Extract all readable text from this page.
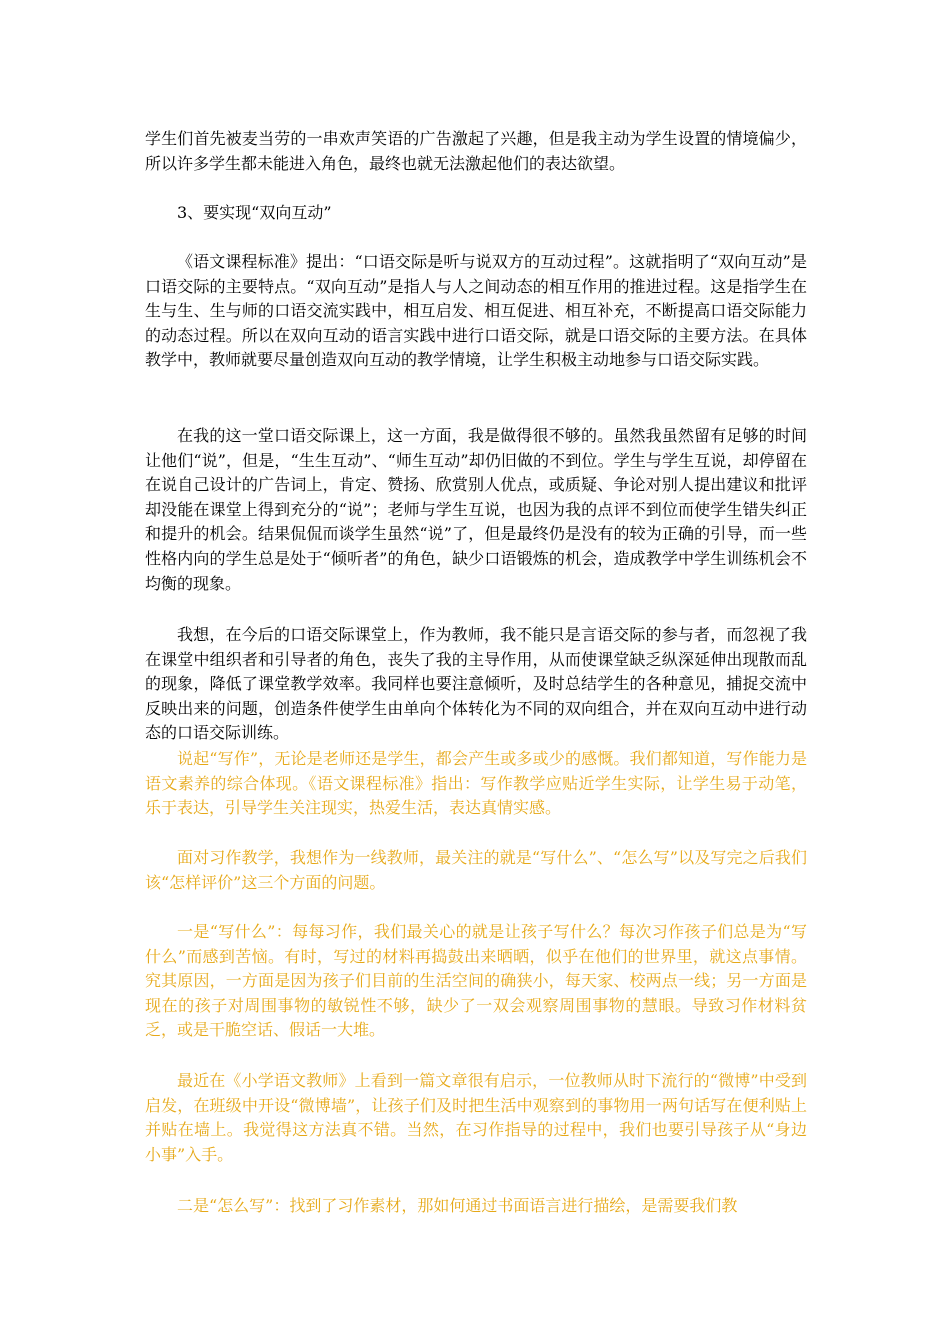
学生们首先被麦当劳的一串欢声笑语的广告激起了兴趣，但是我主动为学生设置的情境偏少，所以许多学生都未能进入角色，最终也就无法激起他们的表达欲望。

3、要实现“双向互动”

《语文课程标准》提出：“口语交际是听与说双方的互动过程”。这就指明了“双向互动”是口语交际的主要特点。“双向互动”是指人与人之间动态的相互作用的推进过程。这是指学生在生与生、生与师的口语交流实践中，相互启发、相互促进、相互补充，不断提高口语交际能力的动态过程。所以在双向互动的语言实践中进行口语交际，就是口语交际的主要方法。在具体教学中，教师就要尽量创造双向互动的教学情境，让学生积极主动地参与口语交际实践。

在我的这一堂口语交际课上，这一方面，我是做得很不够的。虽然我虽然留有足够的时间让他们“说”，但是，“生生互动”、“师生互动”却仍旧做的不到位。学生与学生互说，却停留在在说自己设计的广告词上，肯定、赞扬、欣赏别人优点，或质疑、争论对别人提出建议和批评却没能在课堂上得到充分的“说”；老师与学生互说，也因为我的点评不到位而使学生错失纠正和提升的机会。结果侃侃而谈学生虽然“说”了，但是最终仍是没有的较为正确的引导，而一些性格内向的学生总是处于“倾听者”的角色，缺少口语锻炼的机会，造成教学中学生训练机会不均衡的现象。

我想，在今后的口语交际课堂上，作为教师，我不能只是言语交际的参与者，而忽视了我在课堂中组织者和引导者的角色，丧失了我的主导作用，从而使课堂缺乏纵深延伸出现散而乱的现象，降低了课堂教学效率。我同样也要注意倾听，及时总结学生的各种意见，捕捉交流中反映出来的问题，创造条件使学生由单向个体转化为不同的双向组合，并在双向互动中进行动态的口语交际训练。

说起“写作”，无论是老师还是学生，都会产生或多或少的感慨。我们都知道，写作能力是语文素养的综合体现。《语文课程标准》指出：写作教学应贴近学生实际，让学生易于动笔，乐于表达，引导学生关注现实，热爱生活，表达真情实感。

面对习作教学，我想作为一线教师，最关注的就是“写什么”、“怎么写”以及写完之后我们该“怎样评价”这三个方面的问题。

一是“写什么”：每每习作，我们最关心的就是让孩子写什么？每次习作孩子们总是为“写什么”而感到苦恼。有时，写过的材料再捣鼓出来晒晒，似乎在他们的世界里，就这点事情。究其原因，一方面是因为孩子们目前的生活空间的确狭小，每天家、校两点一线；另一方面是现在的孩子对周围事物的敏锐性不够，缺少了一双会观察周围事物的慧眼。导致习作材料贫乏，或是干脆空话、假话一大堆。

最近在《小学语文教师》上看到一篇文章很有启示，一位教师从时下流行的“微博”中受到启发，在班级中开设“微博墙”，让孩子们及时把生活中观察到的事物用一两句话写在便利贴上并贴在墙上。我觉得这方法真不错。当然，在习作指导的过程中，我们也要引导孩子从“身边小事”入手。

二是“怎么写”：找到了习作素材，那如何通过书面语言进行描绘，是需要我们教
